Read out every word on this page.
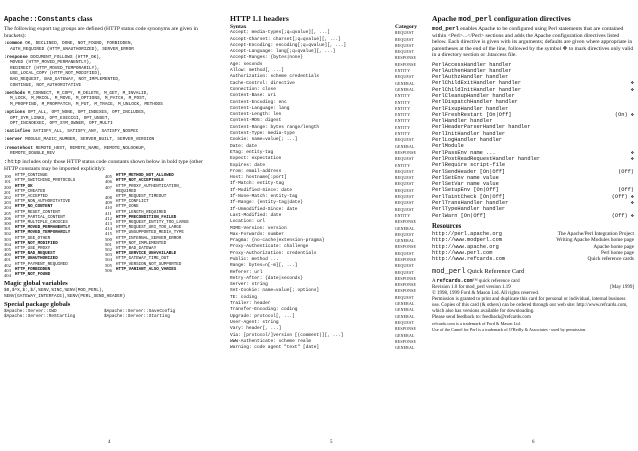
Apache::Constants class
The following export tag groups are defined (HTTP status code synonyms are given in brackets):
:common OK, DECLINED, DONE, NOT_FOUND, FORBIDDEN,
AUTH_REQUIRED (HTTP_UNAUTHORIZED), SERVER_ERROR
:response DOCUMENT_FOLLOWS (HTTP_OK),
MOVED (HTTP_MOVED_PERMANENTLY),
REDIRECT (HTTP_MOVED_TEMPORARILY),
USE_LOCAL_COPY (HTTP_NOT_MODIFIED),
BAD_REQUEST, BAD_GATEWAY, NOT_IMPLEMENTED,
CONTINUE, NOT_AUTHORITATIVE
:methods M_CONNECT, M_COPY, M_DELETE, M_GET, M_INVALID,
M_LOCK, M_MKCOL, M_MOVE, M_OPTIONS, M_PATCH, M_POST,
M_PROPFIND, M_PROPPATCH, M_PUT, M_TRACE, M_UNLOCK, METHODS
:options OPT_ALL, OPT_NONE, OPT_INDEXES, OPT_INCLUDES,
OPT_SYM_LINKS, OPT_EXECCGI, OPT_UNSET,
OPT_INCNOEXEC, OPT_SYM_OWNER, OPT_MULTI
:satisfies SATISFY_ALL, SATISFY_ANY, SATISFY_NOSPEC
:server MODULE_MAGIC_NUMBER, SERVER_BUILT, SERVER_VERSION
:remotehost REMOTE_HOST, REMOTE_NAME, REMOTE_NOLOOKUP,
REMOTE_DOUBLE_REV
:http includes only those HTTP status code constants shown below in bold type (other HTTP constants may be imported explicitly):
100	HTTP_CONTINUE	405	HTTP_METHOD_NOT_ALLOWED
101	HTTP_SWITCHING_PROTOCOLS	406	HTTP_NOT_ACCEPTABLE
200	HTTP_OK	407	HTTP_PROXY_AUTHENTICATION_
201	HTTP_CREATED		REQUIRED
202	HTTP_ACCEPTED	408	HTTP_REQUEST_TIMEOUT
203	HTTP_NON_AUTHORITATIVE	409	HTTP_CONFLICT
204	HTTP_NO_CONTENT	410	HTTP_GONE
205	HTTP_RESET_CONTENT	411	HTTP_LENGTH_REQUIRED
206	HTTP_PARTIAL_CONTENT	412	HTTP_PRECONDITION_FAILED
300	HTTP_MULTIPLE_CHOICES	413	HTTP_REQUEST_ENTITY_TOO_LARGE
301	HTTP_MOVED_PERMANENTLY	414	HTTP_REQUEST_URI_TOO_LARGE
302	HTTP_MOVED_TEMPORARILY	415	HTTP_UNSUPPORTED_MEDIA_TYPE
303	HTTP_SEE_OTHER	500	HTTP_INTERNAL_SERVER_ERROR
304	HTTP_NOT_MODIFIED	501	HTTP_NOT_IMPLEMENTED
305	HTTP_USE_PROXY	502	HTTP_BAD_GATEWAY
400	HTTP_BAD_REQUEST	503	HTTP_SERVICE_UNAVAILABLE
401	HTTP_UNAUTHORIZED	504	HTTP_GATEWAY_TIME_OUT
402	HTTP_PAYMENT_REQUIRED	505	HTTP_VERSION_NOT_SUPPORTED
403	HTTP_FORBIDDEN	506	HTTP_VARIANT_ALSO_VARIES
404	HTTP_NOT_FOUND		
Magic global variables
$0,$^X,$:,$/,%ENV,%INC,%ENV(MOD_PERL),
%ENV(GATEWAY_INTERFACE),%ENV(PERL_SEND_HEADER)
Special package globals
$Apache::Server::CWD	$Apache::Server::SaveConfig
$Apache::Server::ReStarting	$Apache::Server::Starting
HTTP 1.1 headers
Syntax	Category
Accept: media-types[;q=qvalue][, ...]	REQUEST
Accept-Charset: charset[;q=qvalue][, ...]	REQUEST
Accept-Encoding: encoding[;q=qvalue][, ...]	REQUEST
Accept-Language: lang[;q=qvalue][, ...]	REQUEST
Accept-Ranges: {bytes|none}	RESPONSE
Age: seconds	RESPONSE
Allow: method[, ...]	ENTITY
Authorization: scheme credentials	REQUEST
Cache-Control: directive	GENERAL
Connection: close	GENERAL
Content-Base: uri	ENTITY
Content-Encoding: enc	ENTITY
Content-Language: lang	ENTITY
Content-Length: len	ENTITY
Content-MD5: digest	ENTITY
Content-Range: bytes range/length	ENTITY
Content-Type: media-type	ENTITY
Cookie: name=value[; ...]	REQUEST
Date: date	GENERAL
ETag: entity-tag	RESPONSE
Expect: expectation	REQUEST
Expires: date	ENTITY
From: email-address	REQUEST
Host: hostname[:port]	REQUEST
If-Match: entity-tag	REQUEST
If-Modified-Since: date	REQUEST
If-None-Match: entity-tag	REQUEST
If-Range: {entity-tag|date}	REQUEST
If-Unmodified-Since: date	REQUEST
Last-Modified: date	ENTITY
Location: url	RESPONSE
MIME-Version: version	GENERAL
Max-Forwards: number	REQUEST
Pragma: {no-cache|extension-pragma}	GENERAL
Proxy-Authenticate: challenge	RESPONSE
Proxy-Authorization: credentials	REQUEST
Public: method ...	RESPONSE
Range: bytes=n[-m][, ...]	REQUEST
Referer: url	REQUEST
Retry-After: {date|seconds}	RESPONSE
Server: string	RESPONSE
Set-Cookie: name=value[; options]	RESPONSE
TE: coding	REQUEST
Trailer: header	GENERAL
Transfer-Encoding: coding	GENERAL
Upgrade: protocol[, ...]	GENERAL
User-Agent: string	REQUEST
Vary: header[, ...]	RESPONSE
Via: [protocol/]version [(comment)][, ...]	GENERAL
WWW-Authenticate: scheme realm	RESPONSE
Warning: code agent "text" [date]	GENERAL
Apache mod_perl configuration directives
mod_perl enables Apache to be configured using Perl statements that are contained within <Perl>...</Perl> sections and adds the Apache configuration directives listed below. Each directive is given with its arguments; defaults are given where appropriate in parentheses at the end of the line, followed by the symbol ❖ to mark directives only valid in a directory section or .htaccess file.
PerlAccessHandler handler
PerlAuthenHandler handler
PerlAuthzHandler handler
PerlChildExitHandler handler	❖
PerlChildInitHandler handler	❖
PerlCleanupHandler handler
PerlDispatchHandler handler
PerlFixupHandler handler
PerlFreshRestart [On|Off]	(On) ❖
PerlHandler handler
PerlHeaderParserHandler handler
PerlInitHandler handler
PerlLogHandler handler
PerlModule
PerlPassEnv name ...	❖
PerlPostReadRequestHandler handler	❖
PerlRequire script-file
PerlSendHeader [On|Off]	(Off)
PerlSetEnv name value
PerlSetVar name value
PerlSetupEnv [On|Off]	(Off)
PerlTaintCheck [On|Off]	(Off) ❖
PerlTransHandler handler	❖
PerlTypeHandler handler
PerlWarn [On|Off]	(Off) ❖
Resources
http://perl.apache.org	The Apache/Perl Integration Project
http://www.modperl.com	Writing Apache Modules home page
http://www.apache.org	Apache home page
http://www.perl.com	Perl home page
http://www.refcards.com	Quick reference cards
mod_perl Quick Reference Card
A refcards.com™ quick reference card
Revision 1.0 for mod_perl version 1.19	[May 1999]
© 1998, 1999 Ford & Mason Ltd. All rights reserved.
Permission is granted to print and duplicate this card for personal or individual, internal business use. Copies of this card (& others) can be ordered through our web site: http://www.refcards.com, which also has versions available for downloading.
Please send feedback to: feedback@refcards.com
refcards.com is a trademark of Ford & Mason Ltd.
Use of the Camel for Perl is a trademark of O'Reilly & Associates - used by permission.
4	5	6
